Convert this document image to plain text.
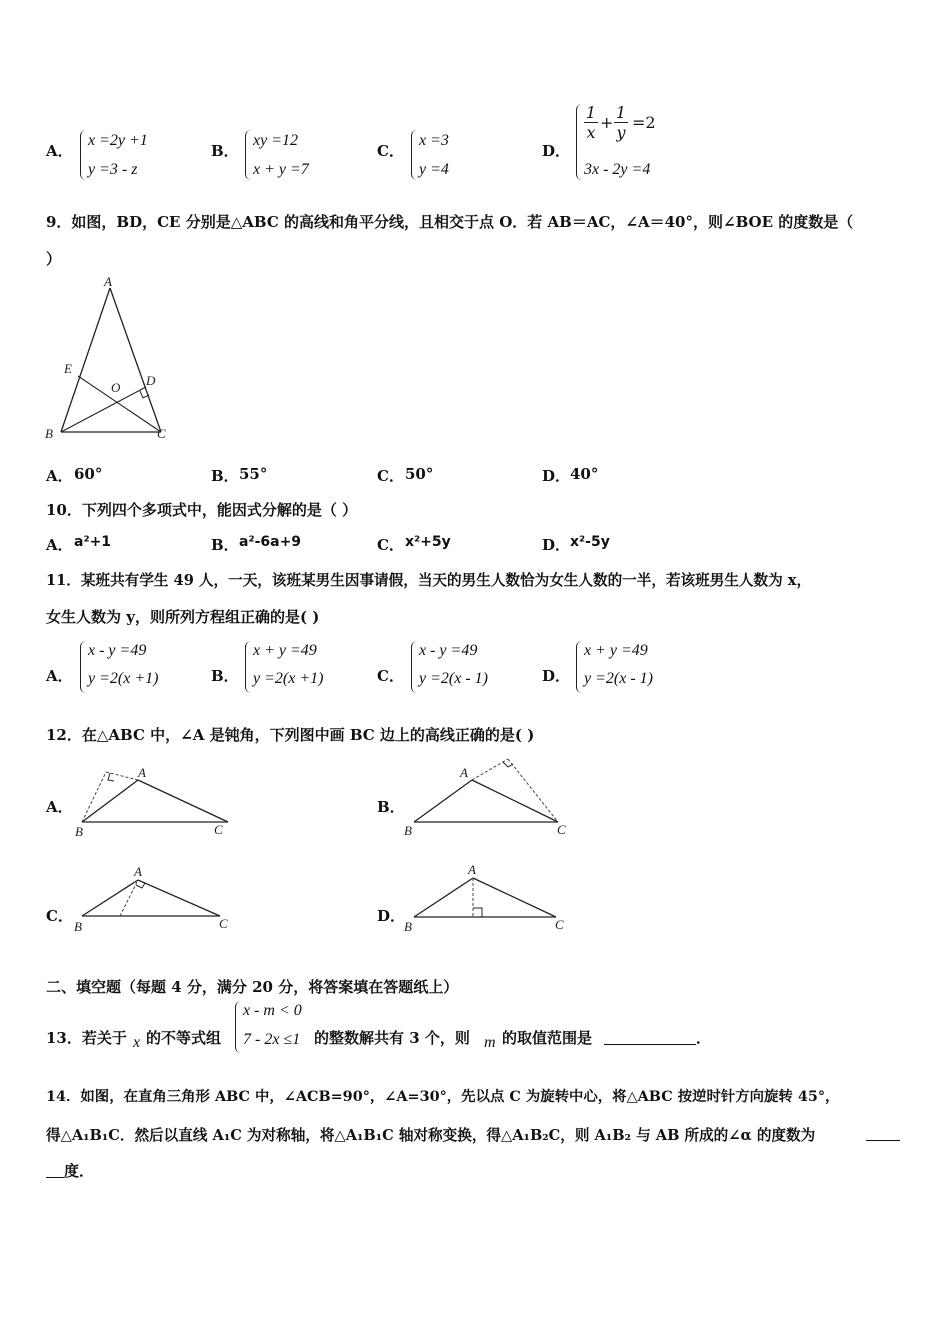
A．
x =2y +1
y =3 - z
B．
xy =12
x + y =7
C．
x =3
y =4
D．
1
x
+
1
y
=2
3x - 2y =4
9．如图，BD，CE 分别是△ABC 的高线和角平分线，且相交于点 O．若 AB＝AC，∠A＝40°，则∠BOE 的度数是（
）
A
B	C
D
E
O
A． 60°	B． 55°	C． 50°	D． 40°
10．下列四个多项式中，能因式分解的是（ ）
A． a²+1	B． a²-6a+9	C． x²+5y	D． x²-5y
11．某班共有学生 49 人，一天，该班某男生因事请假，当天的男生人数恰为女生人数的一半，若该班男生人数为 x，
女生人数为 y，则所列方程组正确的是( )
A．
x - y =49
y =2(x +1)	B．
x + y =49
y =2(x +1)	C．
x - y =49
y =2(x - 1)	D．
x + y =49
y =2(x - 1)
12．在△ABC 中，∠A 是钝角，下列图中画 BC 边上的高线正确的是( )
A．
A
B	C
B．
A
B	C
C．
A
B	C	D．
A
B	C
二、填空题（每题 4 分，满分 20 分，将答案填在答题纸上）
13．若关于 x 的不等式组
x - m < 0
7 - 2x ≤1 的整数解共有 3 个，则 m 的取值范围是	．
14．如图，在直角三角形 ABC 中，∠ACB=90°，∠A=30°，先以点 C 为旋转中心，将△ABC 按逆时针方向旋转 45°，
得△A₁B₁C．然后以直线 A₁C 为对称轴，将△A₁B₁C 轴对称变换，得△A₁B₂C，则 A₁B₂ 与 AB 所成的∠α 的度数为
度．
